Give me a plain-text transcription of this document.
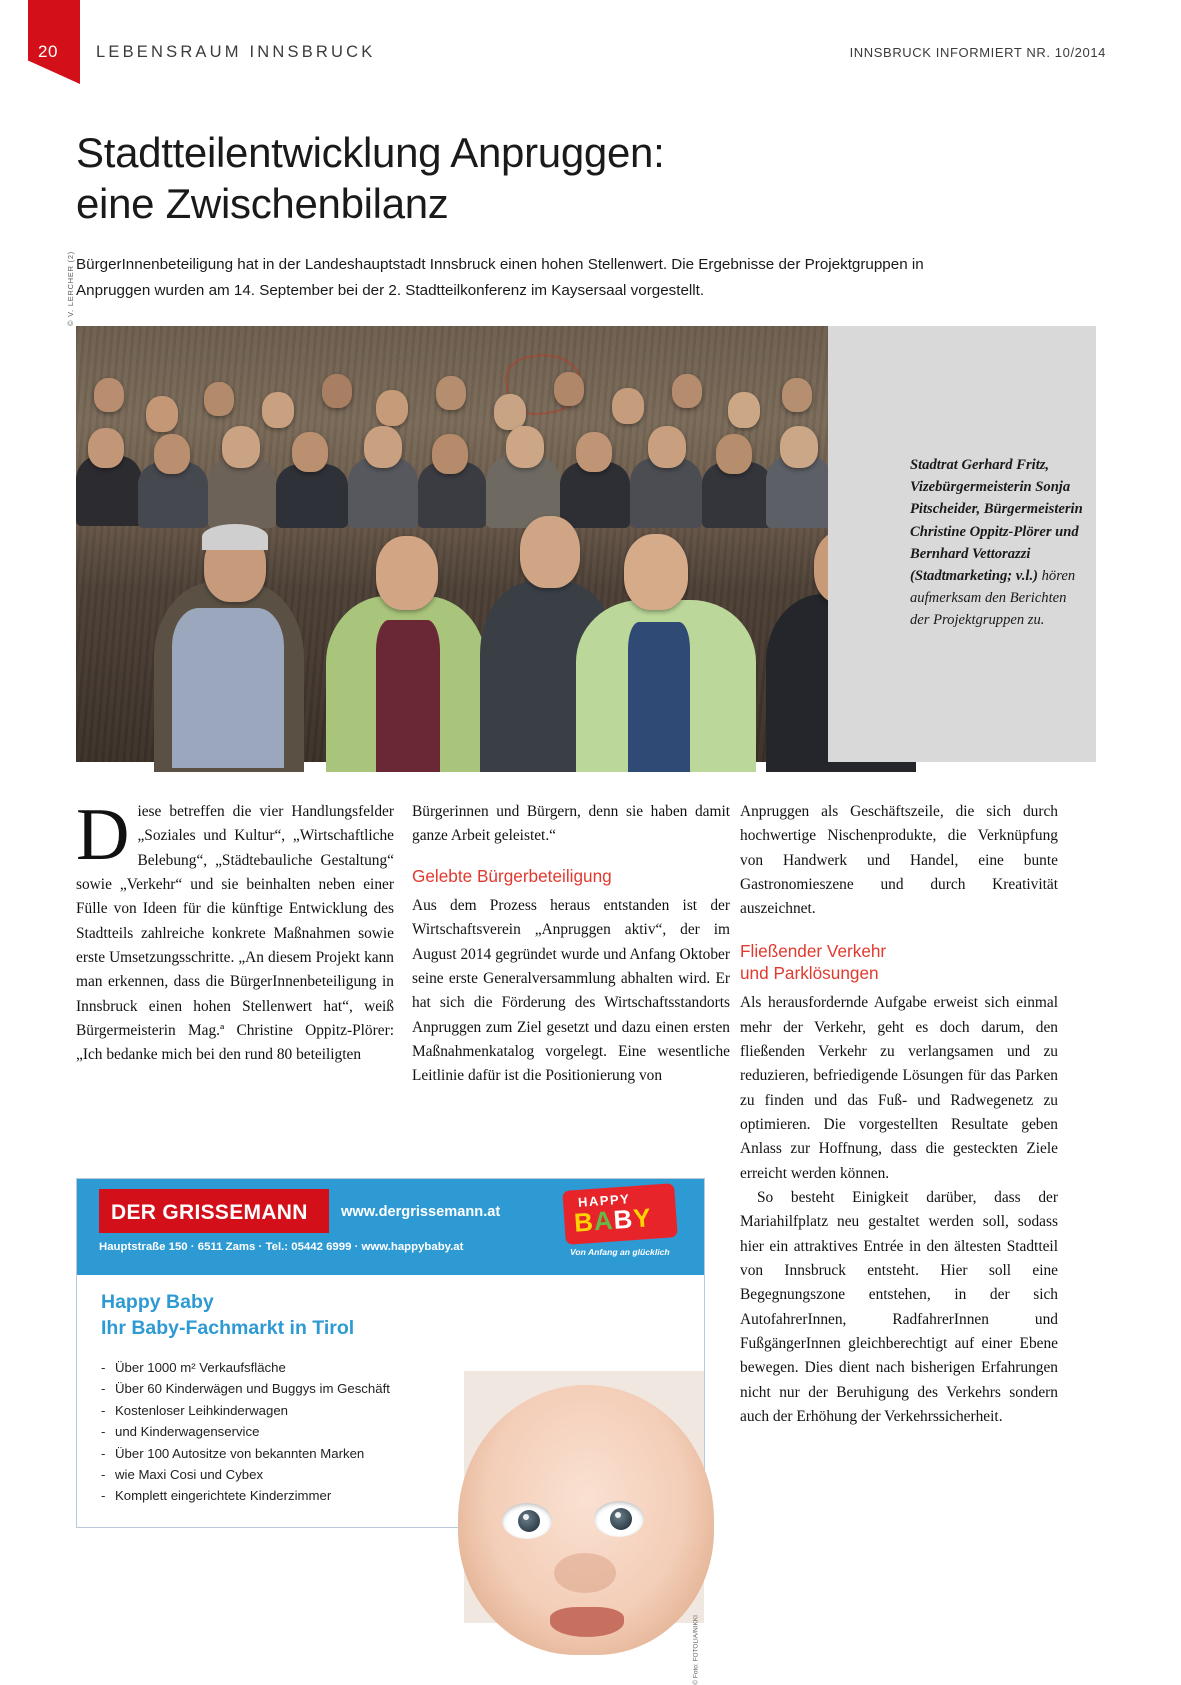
20 LEBENSRAUM INNSBRUCK	INNSBRUCK INFORMIERT NR. 10/2014
Stadtteilentwicklung Anpruggen:
eine Zwischenbilanz
BürgerInnenbeteiligung hat in der Landeshauptstadt Innsbruck einen hohen Stellenwert. Die Ergebnisse der Projektgruppen in Anpruggen wurden am 14. September bei der 2. Stadtteilkonferenz im Kaysersaal vorgestellt.
© V. LERCHER (2)
Stadtrat Gerhard Fritz, Vizebürgermeisterin Sonja Pitscheider, Bürgermeisterin Christine Oppitz-Plörer und Bernhard Vettorazzi (Stadtmarketing; v.l.) hören aufmerksam den Berichten der Projektgruppen zu.

Diese betreffen die vier Handlungsfelder „Soziales und Kultur“, „Wirtschaftliche Belebung“, „Städtebauliche Gestaltung“ sowie „Verkehr“ und sie beinhalten neben einer Fülle von Ideen für die künftige Entwicklung des Stadtteils zahlreiche konkrete Maßnahmen sowie erste Umsetzungsschritte. „An diesem Projekt kann man erkennen, dass die BürgerInnenbeteiligung in Innsbruck einen hohen Stellenwert hat“, weiß Bürgermeisterin Mag.ª Christine Oppitz-Plörer: „Ich bedanke mich bei den rund 80 beteiligten

Bürgerinnen und Bürgern, denn sie haben damit ganze Arbeit geleistet.“

Gelebte Bürgerbeteiligung

Aus dem Prozess heraus entstanden ist der Wirtschaftsverein „Anpruggen aktiv“, der im August 2014 gegründet wurde und Anfang Oktober seine erste Generalversammlung abhalten wird. Er hat sich die Förderung des Wirtschaftsstandorts Anpruggen zum Ziel gesetzt und dazu einen ersten Maßnahmenkatalog vorgelegt. Eine wesentliche Leitlinie dafür ist die Positionierung von

Anpruggen als Geschäftszeile, die sich durch hochwertige Nischenprodukte, die Verknüpfung von Handwerk und Handel, eine bunte Gastronomieszene und durch Kreativität auszeichnet.

Fließender Verkehr
und Parklösungen

Als herausfordernde Aufgabe erweist sich einmal mehr der Verkehr, geht es doch darum, den fließenden Verkehr zu verlangsamen und zu reduzieren, befriedigende Lösungen für das Parken zu finden und das Fuß- und Radwegenetz zu optimieren. Die vorgestellten Resultate geben Anlass zur Hoffnung, dass die gesteckten Ziele erreicht werden können.

So besteht Einigkeit darüber, dass der Mariahilfplatz neu gestaltet werden soll, sodass hier ein attraktives Entrée in den ältesten Stadtteil von Innsbruck entsteht. Hier soll eine Begegnungszone entstehen, in der sich AutofahrerInnen, RadfahrerInnen und FußgängerInnen gleichberechtigt auf einer Ebene bewegen. Dies dient nach bisherigen Erfahrungen nicht nur der Beruhigung des Verkehrs sondern auch der Erhöhung der Verkehrssicherheit.

DER GRISSEMANN www.dergrissemann.at
Hauptstraße 150 · 6511 Zams · Tel.: 05442 6999 · www.happybaby.at
HAPPY
BABY
Von Anfang an glücklich
Happy Baby
Ihr Baby-Fachmarkt in Tirol
- Über 1000 m² Verkaufsfläche
- Über 60 Kinderwägen und Buggys im Geschäft
- Kostenloser Leihkinderwagen
- und Kinderwagenservice
- Über 100 Autositze von bekannten Marken
- wie Maxi Cosi und Cybex
- Komplett eingerichtete Kinderzimmer
© Foto: FOTOLIA/NIKKI
